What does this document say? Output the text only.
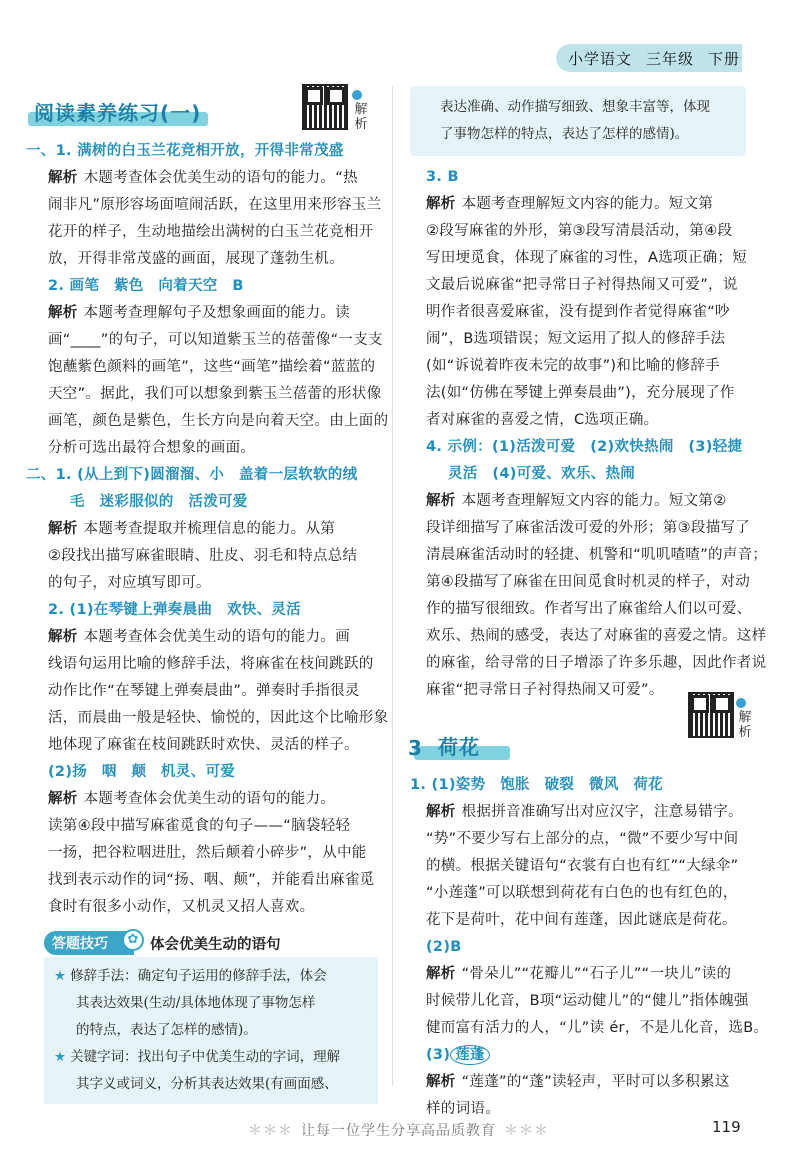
小学语文 三年级 下册
阅读素养练习(一)	解析
一、1. 满树的白玉兰花竞相开放，开得非常茂盛
解析 木题考查体会优美生动的语句的能力。“热
闹非凡”原形容场面喧闹活跃，在这里用来形容玉兰
花开的样子，生动地描绘出满树的白玉兰花竞相开
放，开得非常茂盛的画面，展现了蓬勃生机。
2. 画笔　紫色　向着天空　B
解析 本题考查理解句子及想象画面的能力。读
画“____”的句子，可以知道紫玉兰的蓓蕾像“一支支
饱蘸紫色颜料的画笔”，这些“画笔”描绘着“蓝蓝的
天空”。据此，我们可以想象到紫玉兰蓓蕾的形状像
画笔，颜色是紫色，生长方向是向着天空。由上面的
分析可选出最符合想象的画面。
二、1. (从上到下)圆溜溜、小　盖着一层软软的绒
毛　迷彩服似的　活泼可爱
解析 本题考查提取并梳理信息的能力。从第
②段找出描写麻雀眼睛、肚皮、羽毛和特点总结
的句子，对应填写即可。
2. (1)在琴键上弹奏晨曲　欢快、灵活
解析 本题考查体会优美生动的语句的能力。画
线语句运用比喻的修辞手法，将麻雀在枝间跳跃的
动作比作“在琴键上弹奏晨曲”。弹奏时手指很灵
活，而晨曲一般是轻快、愉悦的，因此这个比喻形象
地体现了麻雀在枝间跳跃时欢快、灵活的样子。
(2)扬　咽　颠　机灵、可爱
解析 本题考查体会优美生动的语句的能力。
读第④段中描写麻雀觅食的句子——“脑袋轻轻
一扬，把谷粒咽进肚，然后颠着小碎步”，从中能
找到表示动作的词“扬、咽、颠”，并能看出麻雀觅
食时有很多小动作，又机灵又招人喜欢。
答题技巧	✿ 体会优美生动的语句
★ 修辞手法：确定句子运用的修辞手法，体会
其表达效果(生动/具体地体现了事物怎样
的特点，表达了怎样的感情)。
★ 关键字词：找出句子中优美生动的字词，理解
其字义或词义，分析其表达效果(有画面感、
表达准确、动作描写细致、想象丰富等，体现
了事物怎样的特点，表达了怎样的感情)。
3. B
解析 本题考查理解短文内容的能力。短文第
②段写麻雀的外形，第③段写清晨活动，第④段
写田埂觅食，体现了麻雀的习性，A选项正确；短
文最后说麻雀“把寻常日子衬得热闹又可爱”，说
明作者很喜爱麻雀，没有提到作者觉得麻雀“吵
闹”，B选项错误；短文运用了拟人的修辞手法
(如“诉说着昨夜未完的故事”)和比喻的修辞手
法(如“仿佛在琴键上弹奏晨曲”)，充分展现了作
者对麻雀的喜爱之情，C选项正确。
4. 示例：(1)活泼可爱　(2)欢快热闹　(3)轻捷
灵活　(4)可爱、欢乐、热闹
解析 本题考查理解短文内容的能力。短文第②
段详细描写了麻雀活泼可爱的外形；第③段描写了
清晨麻雀活动时的轻捷、机警和“叽叽喳喳”的声音；
第④段描写了麻雀在田间觅食时机灵的样子，对动
作的描写很细致。作者写出了麻雀给人们以可爱、
欢乐、热闹的感受，表达了对麻雀的喜爱之情。这样
的麻雀，给寻常的日子增添了许多乐趣，因此作者说
麻雀“把寻常日子衬得热闹又可爱”。
3 荷花
解析
1. (1)姿势　饱胀　破裂　微风　荷花
解析 根据拼音准确写出对应汉字，注意易错字。
“势”不要少写右上部分的点，“微”不要少写中间
的横。根据关键语句“衣裳有白也有红”“大绿伞”
“小莲蓬”可以联想到荷花有白色的也有红色的，
花下是荷叶，花中间有莲蓬，因此谜底是荷花。
(2)B
解析 “骨朵儿”“花瓣儿”“石子儿”“一块儿”读的
时候带儿化音，B项“运动健儿”的“健儿”指体魄强
健而富有活力的人，“儿”读 ér，不是儿化音，选B。
(3) 莲蓬
解析 “莲蓬”的“蓬”读轻声，平时可以多积累这
样的词语。
＊＊＊ 让每一位学生分享高品质教育 ＊＊＊	119
